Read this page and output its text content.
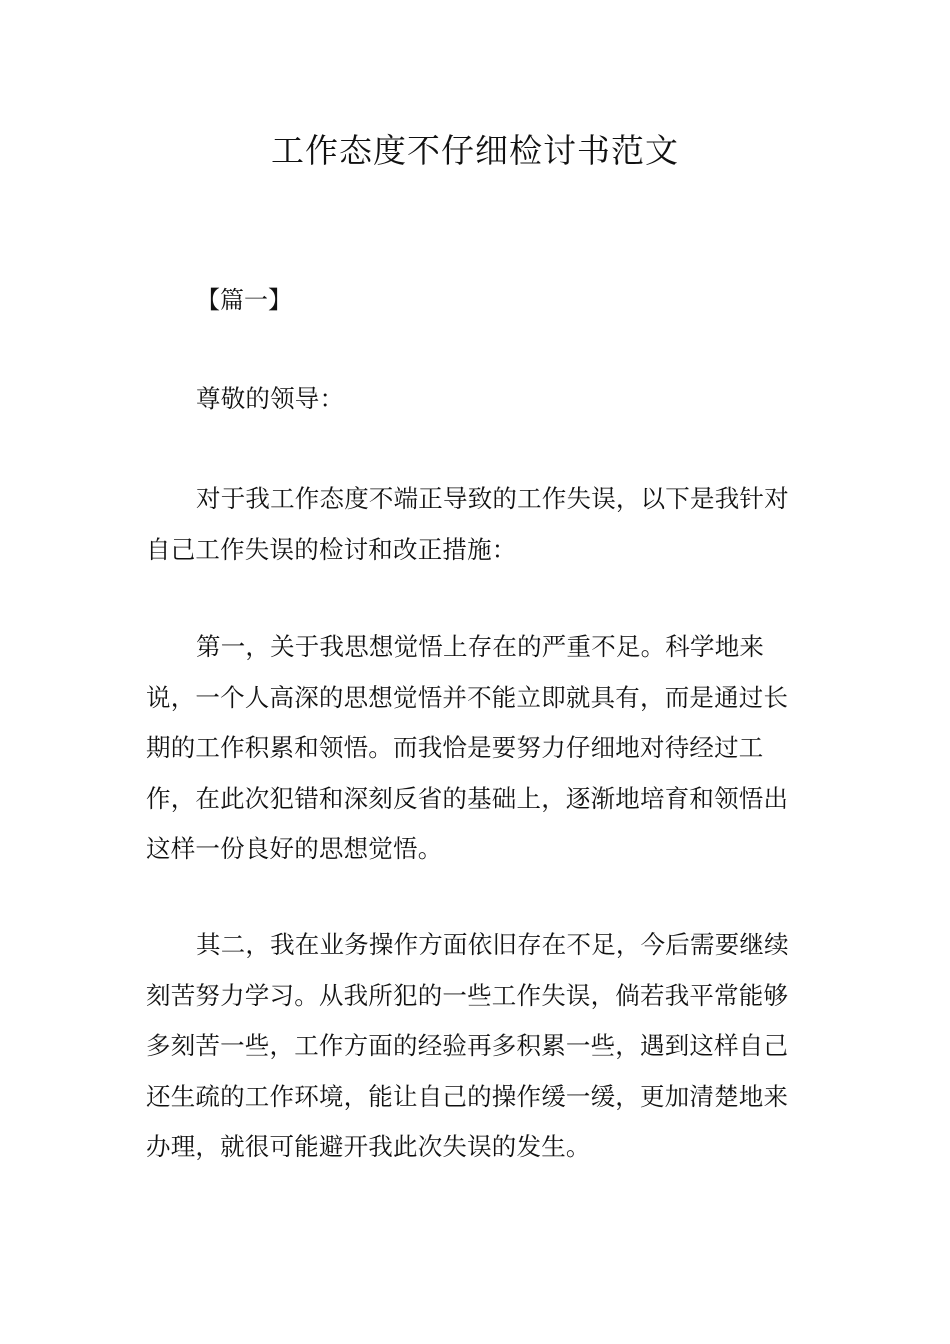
工作态度不仔细检讨书范文

【篇一】

尊敬的领导：

对于我工作态度不端正导致的工作失误，以下是我针对自己工作失误的检讨和改正措施：

第一，关于我思想觉悟上存在的严重不足。科学地来说，一个人高深的思想觉悟并不能立即就具有，而是通过长期的工作积累和领悟。而我恰是要努力仔细地对待经过工作，在此次犯错和深刻反省的基础上，逐渐地培育和领悟出这样一份良好的思想觉悟。

其二，我在业务操作方面依旧存在不足，今后需要继续刻苦努力学习。从我所犯的一些工作失误，倘若我平常能够多刻苦一些，工作方面的经验再多积累一些，遇到这样自己还生疏的工作环境，能让自己的操作缓一缓，更加清楚地来办理，就很可能避开我此次失误的发生。
